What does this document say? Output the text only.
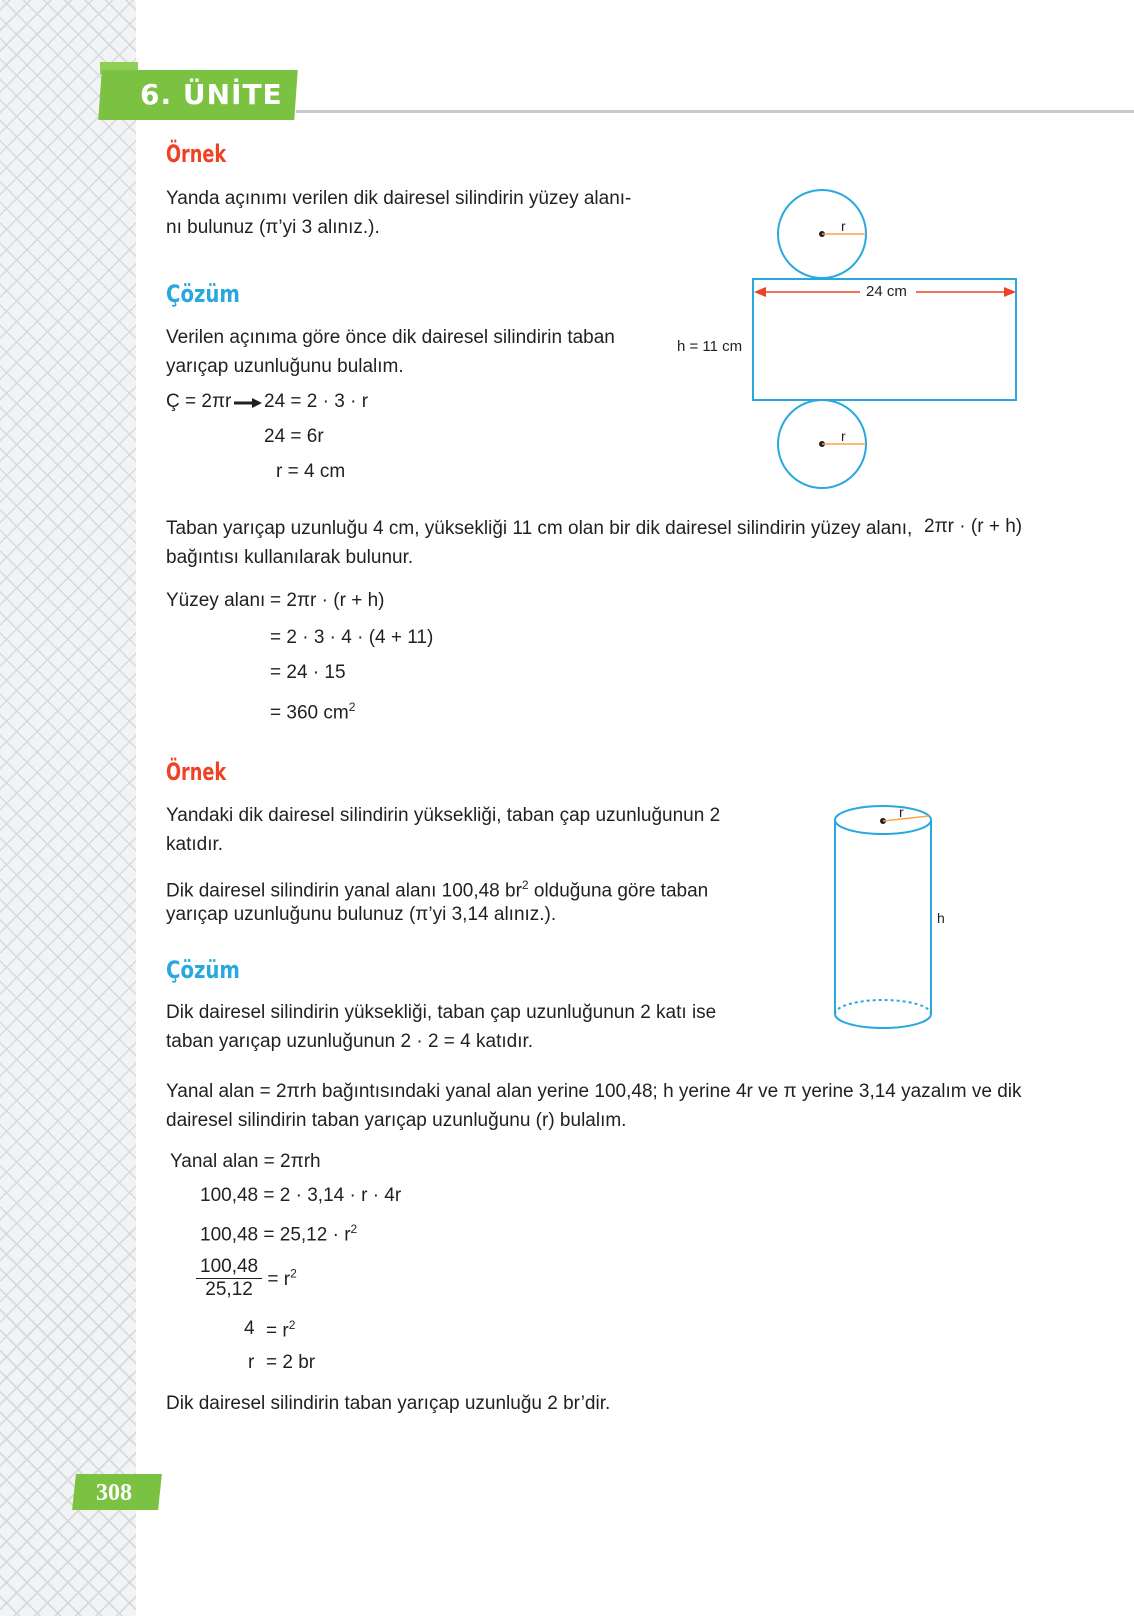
6. ÜNİTE
Örnek
Yanda açınımı verilen dik dairesel silindirin yüzey alanı-
nı bulunuz (π’yi 3 alınız.).
Çözüm
Verilen açınıma göre önce dik dairesel silindirin taban
yarıçap uzunluğunu bulalım.
Ç = 2πr 24 = 2 · 3 · r
24 = 6r
r = 4 cm
r
24 cm
h = 11 cm
r
Taban yarıçap uzunluğu 4 cm, yüksekliği 11 cm olan bir dik dairesel silindirin yüzey alanı, 2πr · (r + h)
bağıntısı kullanılarak bulunur.
Yüzey alanı = 2πr · (r + h)
= 2 · 3 · 4 · (4 + 11)
= 24 · 15
= 360 $cm^2$
Örnek
Yandaki dik dairesel silindirin yüksekliği, taban çap uzunluğunun 2
katıdır.
Dik dairesel silindirin yanal alanı 100,48 $br^2$ olduğuna göre taban
yarıçap uzunluğunu bulunuz (π’yi 3,14 alınız.).
r
h
Çözüm
Dik dairesel silindirin yüksekliği, taban çap uzunluğunun 2 katı ise
taban yarıçap uzunluğunun 2 · 2 = 4 katıdır.
Yanal alan = 2πrh bağıntısındaki yanal alan yerine 100,48; h yerine 4r ve π yerine 3,14 yazalım ve dik
dairesel silindirin taban yarıçap uzunluğunu (r) bulalım.
Yanal alan = 2πrh
100,48 = 2 · 3,14 · r · 4r
$100,48 = 25,12 \cdot r^2$
$\frac{100,48}{25,12} = r^2$
$4 = r^2$
r = 2 br
Dik dairesel silindirin taban yarıçap uzunluğu 2 br’dir.
308
